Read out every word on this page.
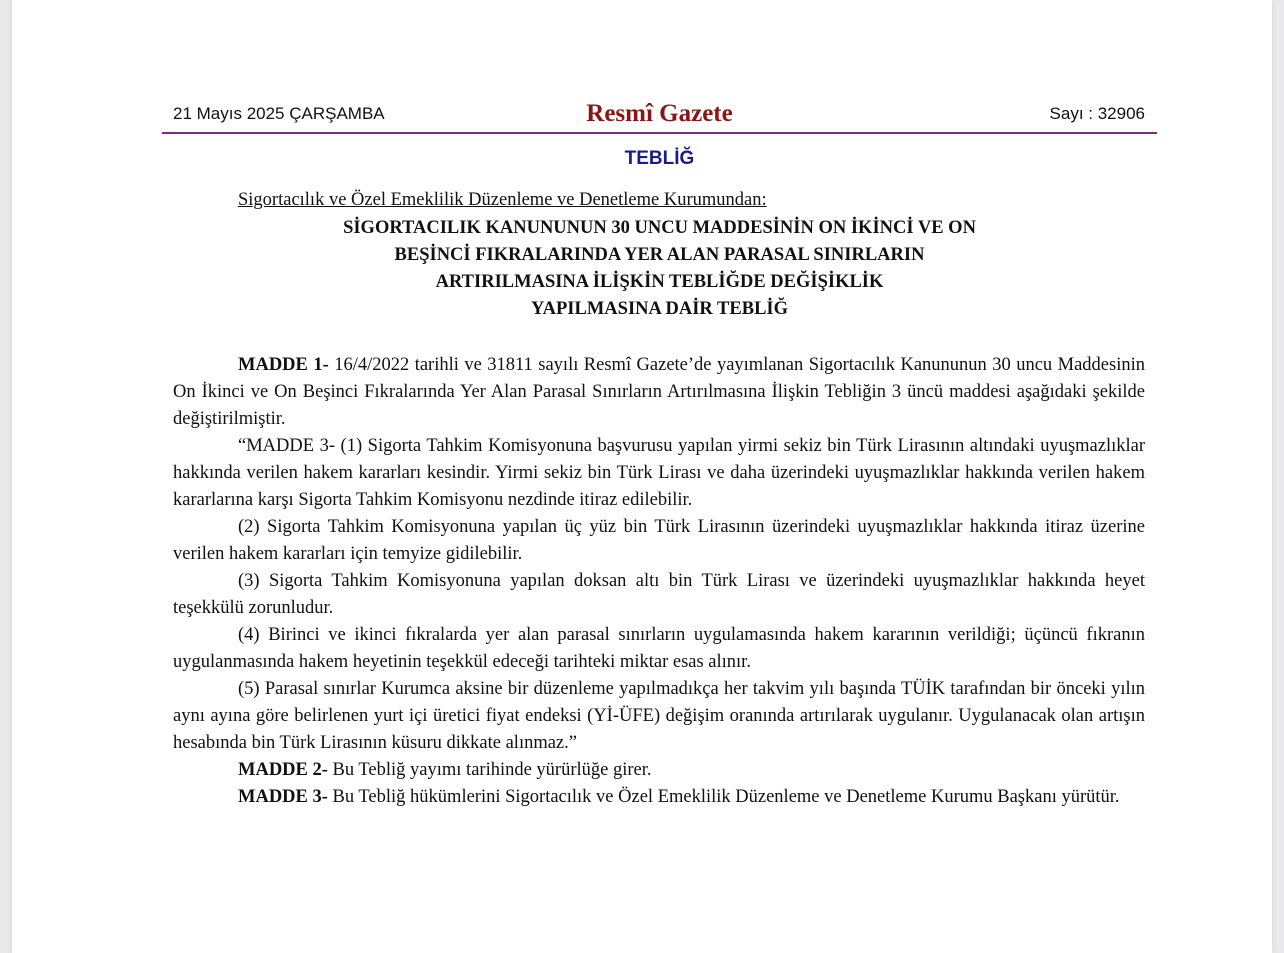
21 Mayıs 2025 ÇARŞAMBA	Resmî Gazete	Sayı : 32906
TEBLİĞ
Sigortacılık ve Özel Emeklilik Düzenleme ve Denetleme Kurumundan:
SİGORTACILIK KANUNUNUN 30 UNCU MADDESİNİN ON İKİNCİ VE ON
BEŞİNCİ FIKRALARINDA YER ALAN PARASAL SINIRLARIN
ARTIRILMASINA İLİŞKİN TEBLİĞDE DEĞİŞİKLİK
YAPILMASINA DAİR TEBLİĞ

MADDE 1- 16/4/2022 tarihli ve 31811 sayılı Resmî Gazete’de yayımlanan Sigortacılık Kanununun 30 uncu Maddesinin On İkinci ve On Beşinci Fıkralarında Yer Alan Parasal Sınırların Artırılmasına İlişkin Tebliğin 3 üncü maddesi aşağıdaki şekilde değiştirilmiştir.

“MADDE 3- (1) Sigorta Tahkim Komisyonuna başvurusu yapılan yirmi sekiz bin Türk Lirasının altındaki uyuşmazlıklar hakkında verilen hakem kararları kesindir. Yirmi sekiz bin Türk Lirası ve daha üzerindeki uyuşmazlıklar hakkında verilen hakem kararlarına karşı Sigorta Tahkim Komisyonu nezdinde itiraz edilebilir.

(2) Sigorta Tahkim Komisyonuna yapılan üç yüz bin Türk Lirasının üzerindeki uyuşmazlıklar hakkında itiraz üzerine verilen hakem kararları için temyize gidilebilir.

(3) Sigorta Tahkim Komisyonuna yapılan doksan altı bin Türk Lirası ve üzerindeki uyuşmazlıklar hakkında heyet teşekkülü zorunludur.

(4) Birinci ve ikinci fıkralarda yer alan parasal sınırların uygulamasında hakem kararının verildiği; üçüncü fıkranın uygulanmasında hakem heyetinin teşekkül edeceği tarihteki miktar esas alınır.

(5) Parasal sınırlar Kurumca aksine bir düzenleme yapılmadıkça her takvim yılı başında TÜİK tarafından bir önceki yılın aynı ayına göre belirlenen yurt içi üretici fiyat endeksi (Yİ-ÜFE) değişim oranında artırılarak uygulanır. Uygulanacak olan artışın hesabında bin Türk Lirasının küsuru dikkate alınmaz.”

MADDE 2- Bu Tebliğ yayımı tarihinde yürürlüğe girer.

MADDE 3- Bu Tebliğ hükümlerini Sigortacılık ve Özel Emeklilik Düzenleme ve Denetleme Kurumu Başkanı yürütür.
